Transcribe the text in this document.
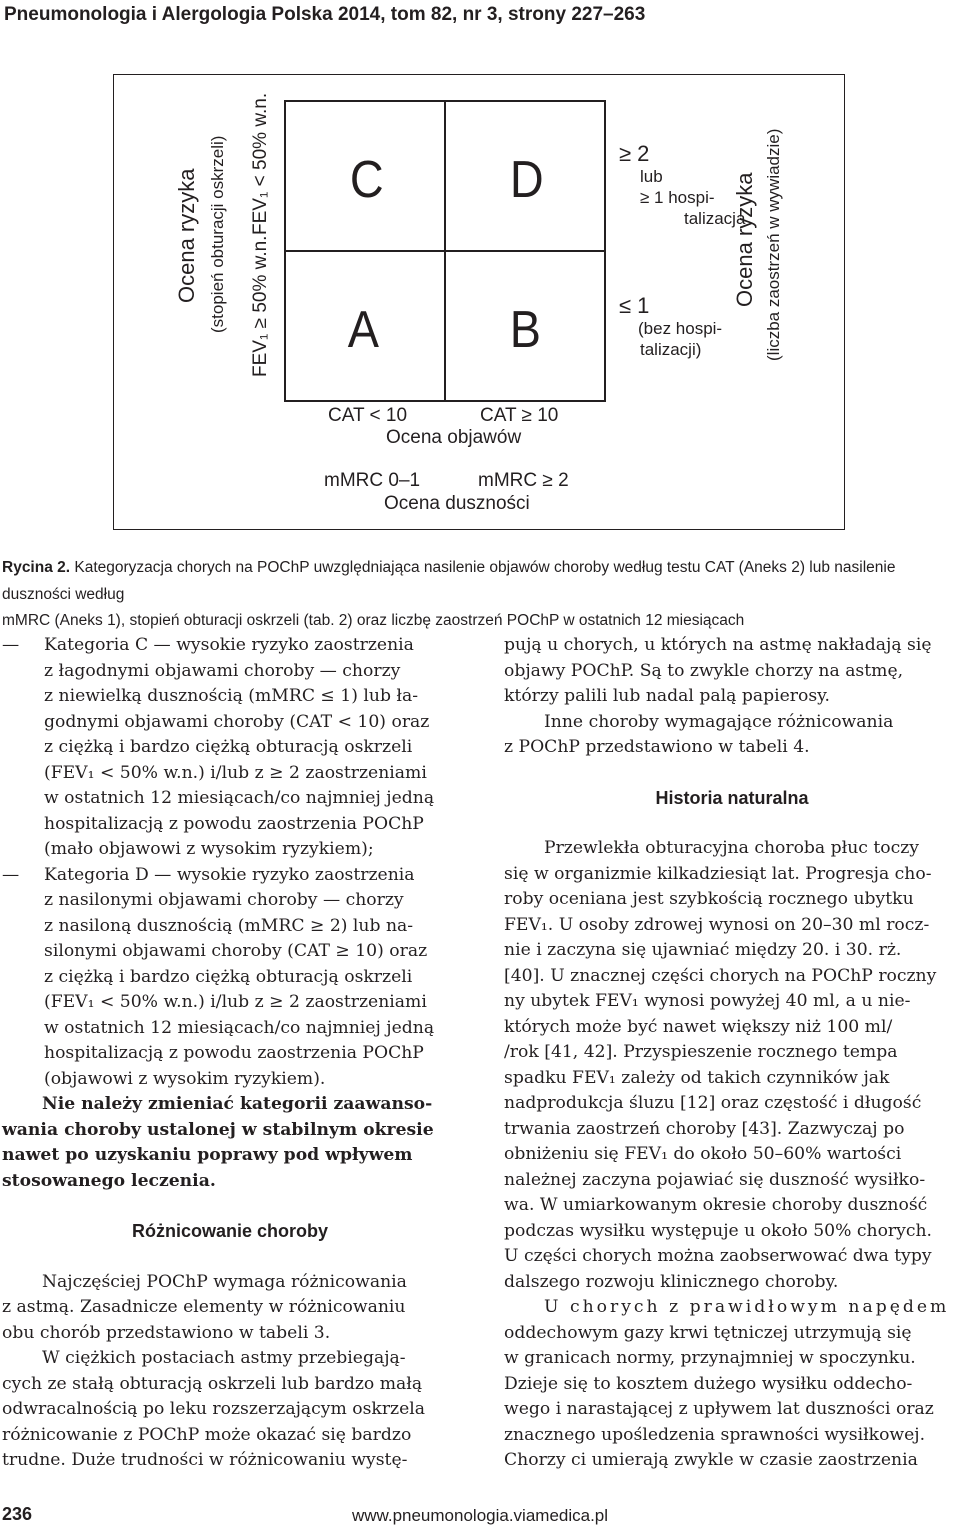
Pneumonologia i Alergologia Polska 2014, tom 82, nr 3, strony 227–263
C D
A	B
Ocena ryzyka (stopień obturacji oskrzeli) FEV₁ ≥ 50% w.n.
FEV₁ < 50% w.n.	≥ 2
lub
≥ 1 hospi-
talizacja
≤ 1
(bez hospi-
talizacji)
Ocena ryzyka (liczba zaostrzeń w wywiadzie)
CAT < 10	CAT ≥ 10
Ocena objawów
mMRC 0–1	mMRC ≥ 2
Ocena duszności
Rycina 2. Kategoryzacja chorych na POChP uwzględniająca nasilenie objawów choroby według testu CAT (Aneks 2) lub nasilenie duszności według
mMRC (Aneks 1), stopień obturacji oskrzeli (tab. 2) oraz liczbę zaostrzeń POChP w ostatnich 12 miesiącach
— Kategoria C — wysokie ryzyko zaostrzenia
z łagodnymi objawami choroby — chorzy
z niewielką dusznością (mMRC ≤ 1) lub ła-
godnymi objawami choroby (CAT < 10) oraz
z ciężką i bardzo ciężką obturacją oskrzeli
(FEV₁ < 50% w.n.) i/lub z ≥ 2 zaostrzeniami
w ostatnich 12 miesiącach/co najmniej jedną
hospitalizacją z powodu zaostrzenia POChP
(mało objawowi z wysokim ryzykiem);
— Kategoria D — wysokie ryzyko zaostrzenia
z nasilonymi objawami choroby — chorzy
z nasiloną dusznością (mMRC ≥ 2) lub na-
silonymi objawami choroby (CAT ≥ 10) oraz
z ciężką i bardzo ciężką obturacją oskrzeli
(FEV₁ < 50% w.n.) i/lub z ≥ 2 zaostrzeniami
w ostatnich 12 miesiącach/co najmniej jedną
hospitalizacją z powodu zaostrzenia POChP
(objawowi z wysokim ryzykiem).
Nie należy zmieniać kategorii zaawanso-
wania choroby ustalonej w stabilnym okresie
nawet po uzyskaniu poprawy pod wpływem
stosowanego leczenia.
Różnicowanie choroby
Najczęściej POChP wymaga różnicowania
z astmą. Zasadnicze elementy w różnicowaniu
obu chorób przedstawiono w tabeli 3.
W ciężkich postaciach astmy przebiegają-
cych ze stałą obturacją oskrzeli lub bardzo małą
odwracalnością po leku rozszerzającym oskrzela
różnicowanie z POChP może okazać się bardzo
trudne. Duże trudności w różnicowaniu wystę-
pują u chorych, u których na astmę nakładają się
objawy POChP. Są to zwykle chorzy na astmę,
którzy palili lub nadal palą papierosy.
Inne choroby wymagające różnicowania
z POChP przedstawiono w tabeli 4.
Historia naturalna
Przewlekła obturacyjna choroba płuc toczy
się w organizmie kilkadziesiąt lat. Progresja cho-
roby oceniana jest szybkością rocznego ubytku
FEV₁. U osoby zdrowej wynosi on 20–30 ml rocz-
nie i zaczyna się ujawniać między 20. i 30. rż.
[40]. U znacznej części chorych na POChP roczny
ny ubytek FEV₁ wynosi powyżej 40 ml, a u nie-
których może być nawet większy niż 100 ml/
/rok [41, 42]. Przyspieszenie rocznego tempa
spadku FEV₁ zależy od takich czynników jak
nadprodukcja śluzu [12] oraz częstość i długość
trwania zaostrzeń choroby [43]. Zazwyczaj po
obniżeniu się FEV₁ do około 50–60% wartości
należnej zaczyna pojawiać się duszność wysiłko-
wa. W umiarkowanym okresie choroby duszność
podczas wysiłku występuje u około 50% chorych.
U części chorych można zaobserwować dwa typy
dalszego rozwoju klinicznego choroby.
U chorych z prawidłowym napędem
oddechowym gazy krwi tętniczej utrzymują się
w granicach normy, przynajmniej w spoczynku.
Dzieje się to kosztem dużego wysiłku oddecho-
wego i narastającej z upływem lat duszności oraz
znacznego upośledzenia sprawności wysiłkowej.
Chorzy ci umierają zwykle w czasie zaostrzenia
236	www.pneumonologia.viamedica.pl
